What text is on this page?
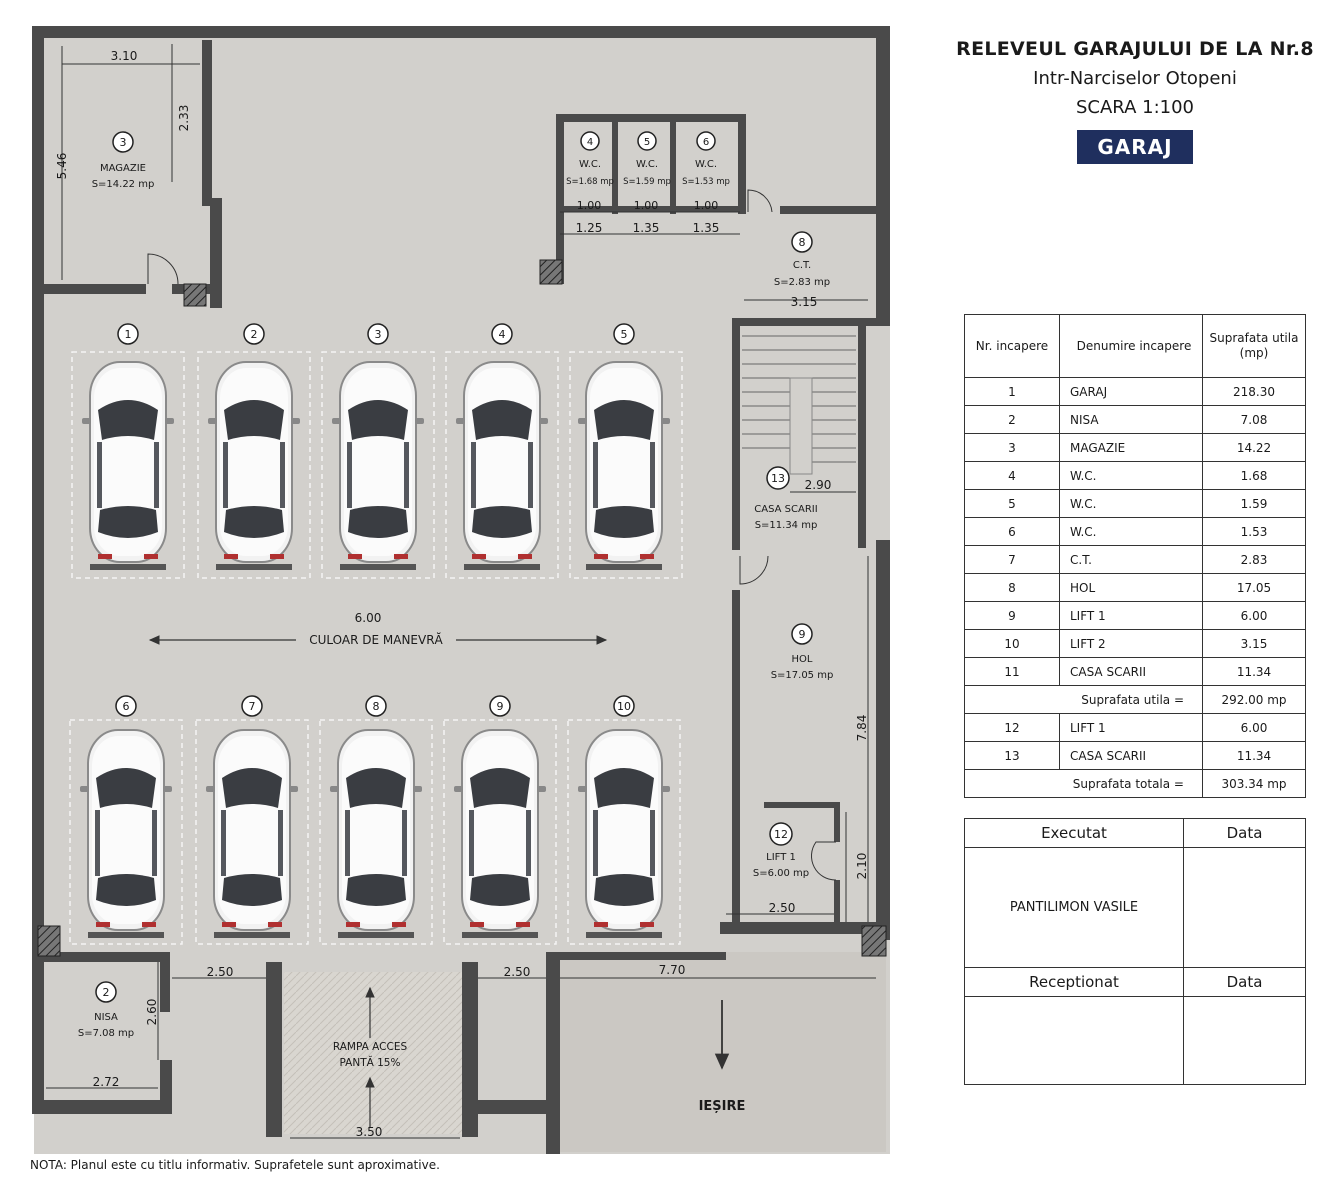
1	2	3	4	5
6	7	8	9	10
3
MAGAZIE
S=14.22 mp
4
W.C.
S=1.68 mp
5
W.C.
S=1.59 mp
6
W.C.
S=1.53 mp
8
C.T.
S=2.83 mp
13
CASA SCARII
S=11.34 mp
9
HOL
S=17.05 mp
12
LIFT 1
S=6.00 mp
2
NISA
S=7.08 mp
6.00
CULOAR DE MANEVRĂ
RAMPA ACCES
PANTĂ 15%
IEȘIRE
3.10
2.33
5.46
1.00	1.00	1.00
1.25	1.35	1.35
3.15
2.90
7.84
2.10
2.50
2.50	2.50	7.70
3.50
2.60
2.72
RELEVEUL GARAJULUI DE LA Nr.8
Intr-Narciselor Otopeni
SCARA 1:100
GARAJ
Nr. incapere	Denumire incapere	Suprafata utila (mp)
1	GARAJ	218.30
2	NISA	7.08
3	MAGAZIE	14.22
4	W.C.	1.68
5	W.C.	1.59
6	W.C.	1.53
7	C.T.	2.83
8	HOL	17.05
9	LIFT 1	6.00
10	LIFT 2	3.15
11	CASA SCARII	11.34
Suprafata utila =		292.00 mp
12	LIFT 1	6.00
13	CASA SCARII	11.34
Suprafata totala =		303.34 mp
Executat	Data
PANTILIMON VASILE	
Receptionat	Data

NOTA: Planul este cu titlu informativ. Suprafetele sunt aproximative.
